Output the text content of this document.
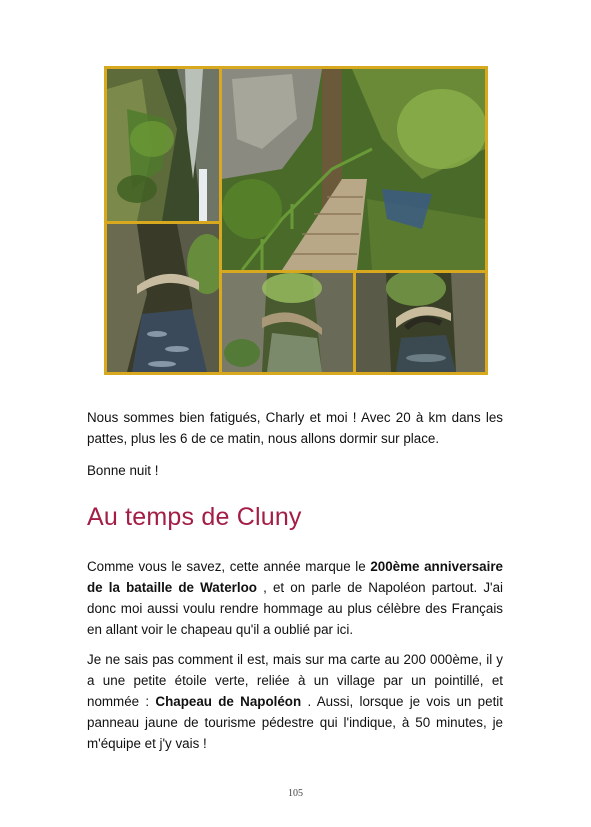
Nous sommes bien fatigués, Charly et moi ! Avec 20 à km dans les pattes, plus les 6 de ce matin, nous allons dormir sur place.

Bonne nuit !

Au temps de Cluny

Comme vous le savez, cette année marque le 200ème anniversaire de la bataille de Waterloo , et on parle de Napoléon partout. J'ai donc moi aussi voulu rendre hommage au plus célèbre des Français en allant voir le chapeau qu'il a oublié par ici.

Je ne sais pas comment il est, mais sur ma carte au 200 000ème, il y a une petite étoile verte, reliée à un village par un pointillé, et nommée : Chapeau de Napoléon . Aussi, lorsque je vois un petit panneau jaune de tourisme pédestre qui l'indique, à 50 minutes, je m'équipe et j'y vais !

105
